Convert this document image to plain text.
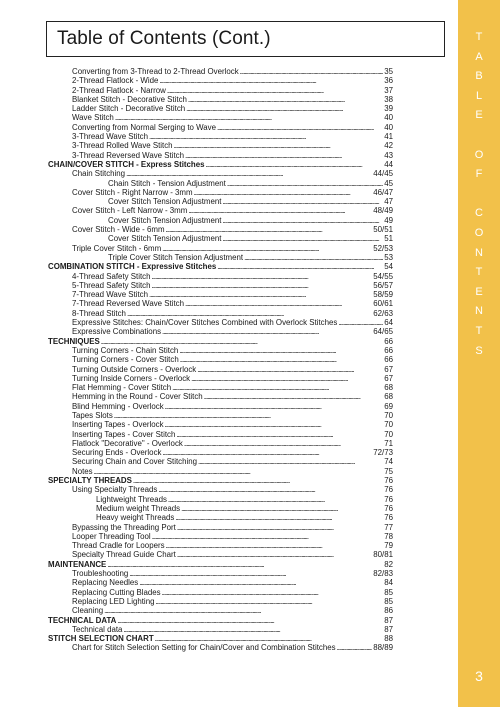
Table of Contents (Cont.)
Converting from 3-Thread to 2-Thread Overlock . . .	35
2-Thread Flatlock - Wide . . .	36
2-Thread Flatlock - Narrow . . .	37
Blanket Stitch - Decorative Stitch . . .	38
Ladder Stitch - Decorative Stitch . . .	39
Wave Stitch . . .	40
Converting from Normal Serging to Wave . . .	40
3-Thread Wave Stitch . . .	41
3-Thread Rolled Wave Stitch . . .	42
3-Thread Reversed Wave Stitch . . .	43
CHAIN/COVER STITCH - Express Stitches . . .	44
Chain Stitching . . .	44/45
Chain Stitch - Tension Adjustment . . .	45
Cover Stitch - Right Narrow - 3mm . . .	46/47
Cover Stitch Tension Adjustment . . .	47
Cover Stitch - Left Narrow - 3mm . . .	48/49
Cover Stitch Tension Adjustment . . .	49
Cover Stitch - Wide - 6mm . . .	50/51
Cover Stitch Tension Adjustment . . .	51
Triple Cover Stitch - 6mm . . .	52/53
Triple Cover Stitch Tension Adjustment . . .	53
COMBINATION STITCH - Expressive Stitches . . .	54
4-Thread Safety Stitch . . .	54/55
5-Thread Safety Stitch . . .	56/57
7-Thread Wave Stitch . . .	58/59
7-Thread Reversed Wave Stitch . . .	60/61
8-Thread Stitch . . .	62/63
Expressive Stitches: Chain/Cover Stitches Combined with Overlock Stitches . . .	64
Expressive Combinations . . .	64/65
TECHNIQUES . . .	66
Turning Corners - Chain Stitch . . .	66
Turning Corners - Cover Stitch . . .	66
Turning Outside Corners - Overlock . . .	67
Turning Inside Corners - Overlock . . .	67
Flat Hemming - Cover Stitch . . .	68
Hemming in the Round - Cover Stitch . . .	68
Blind Hemming - Overlock . . .	69
Tapes Slots . . .	70
Inserting Tapes - Overlock . . .	70
Inserting Tapes - Cover Stitch . . .	70
Flatlock "Decorative" - Overlock . . .	71
Securing Ends - Overlock . . .	72/73
Securing Chain and Cover Stitching . . .	74
Notes . . .	75
SPECIALTY THREADS . . .	76
Using Specialty Threads . . .	76
Lightweight Threads . . .	76
Medium weight Threads . . .	76
Heavy weight Threads . . .	76
Bypassing the Threading Port . . .	77
Looper Threading Tool . . .	78
Thread Cradle for Loopers . . .	79
Specialty Thread Guide Chart . . .	80/81
MAINTENANCE . . .	82
Troubleshooting . . .	82/83
Replacing Needles . . .	84
Replacing Cutting Blades . . .	85
Replacing LED Lighting . . .	85
Cleaning . . .	86
TECHNICAL DATA . . .	87
Technical data . . .	87
STITCH SELECTION CHART . . .	88
Chart for Stitch Selection Setting for Chain/Cover and Combination Stitches . . .	88/89
T
A
B
L
E
O
F
C
O
N
T
E
N
T
S
3
